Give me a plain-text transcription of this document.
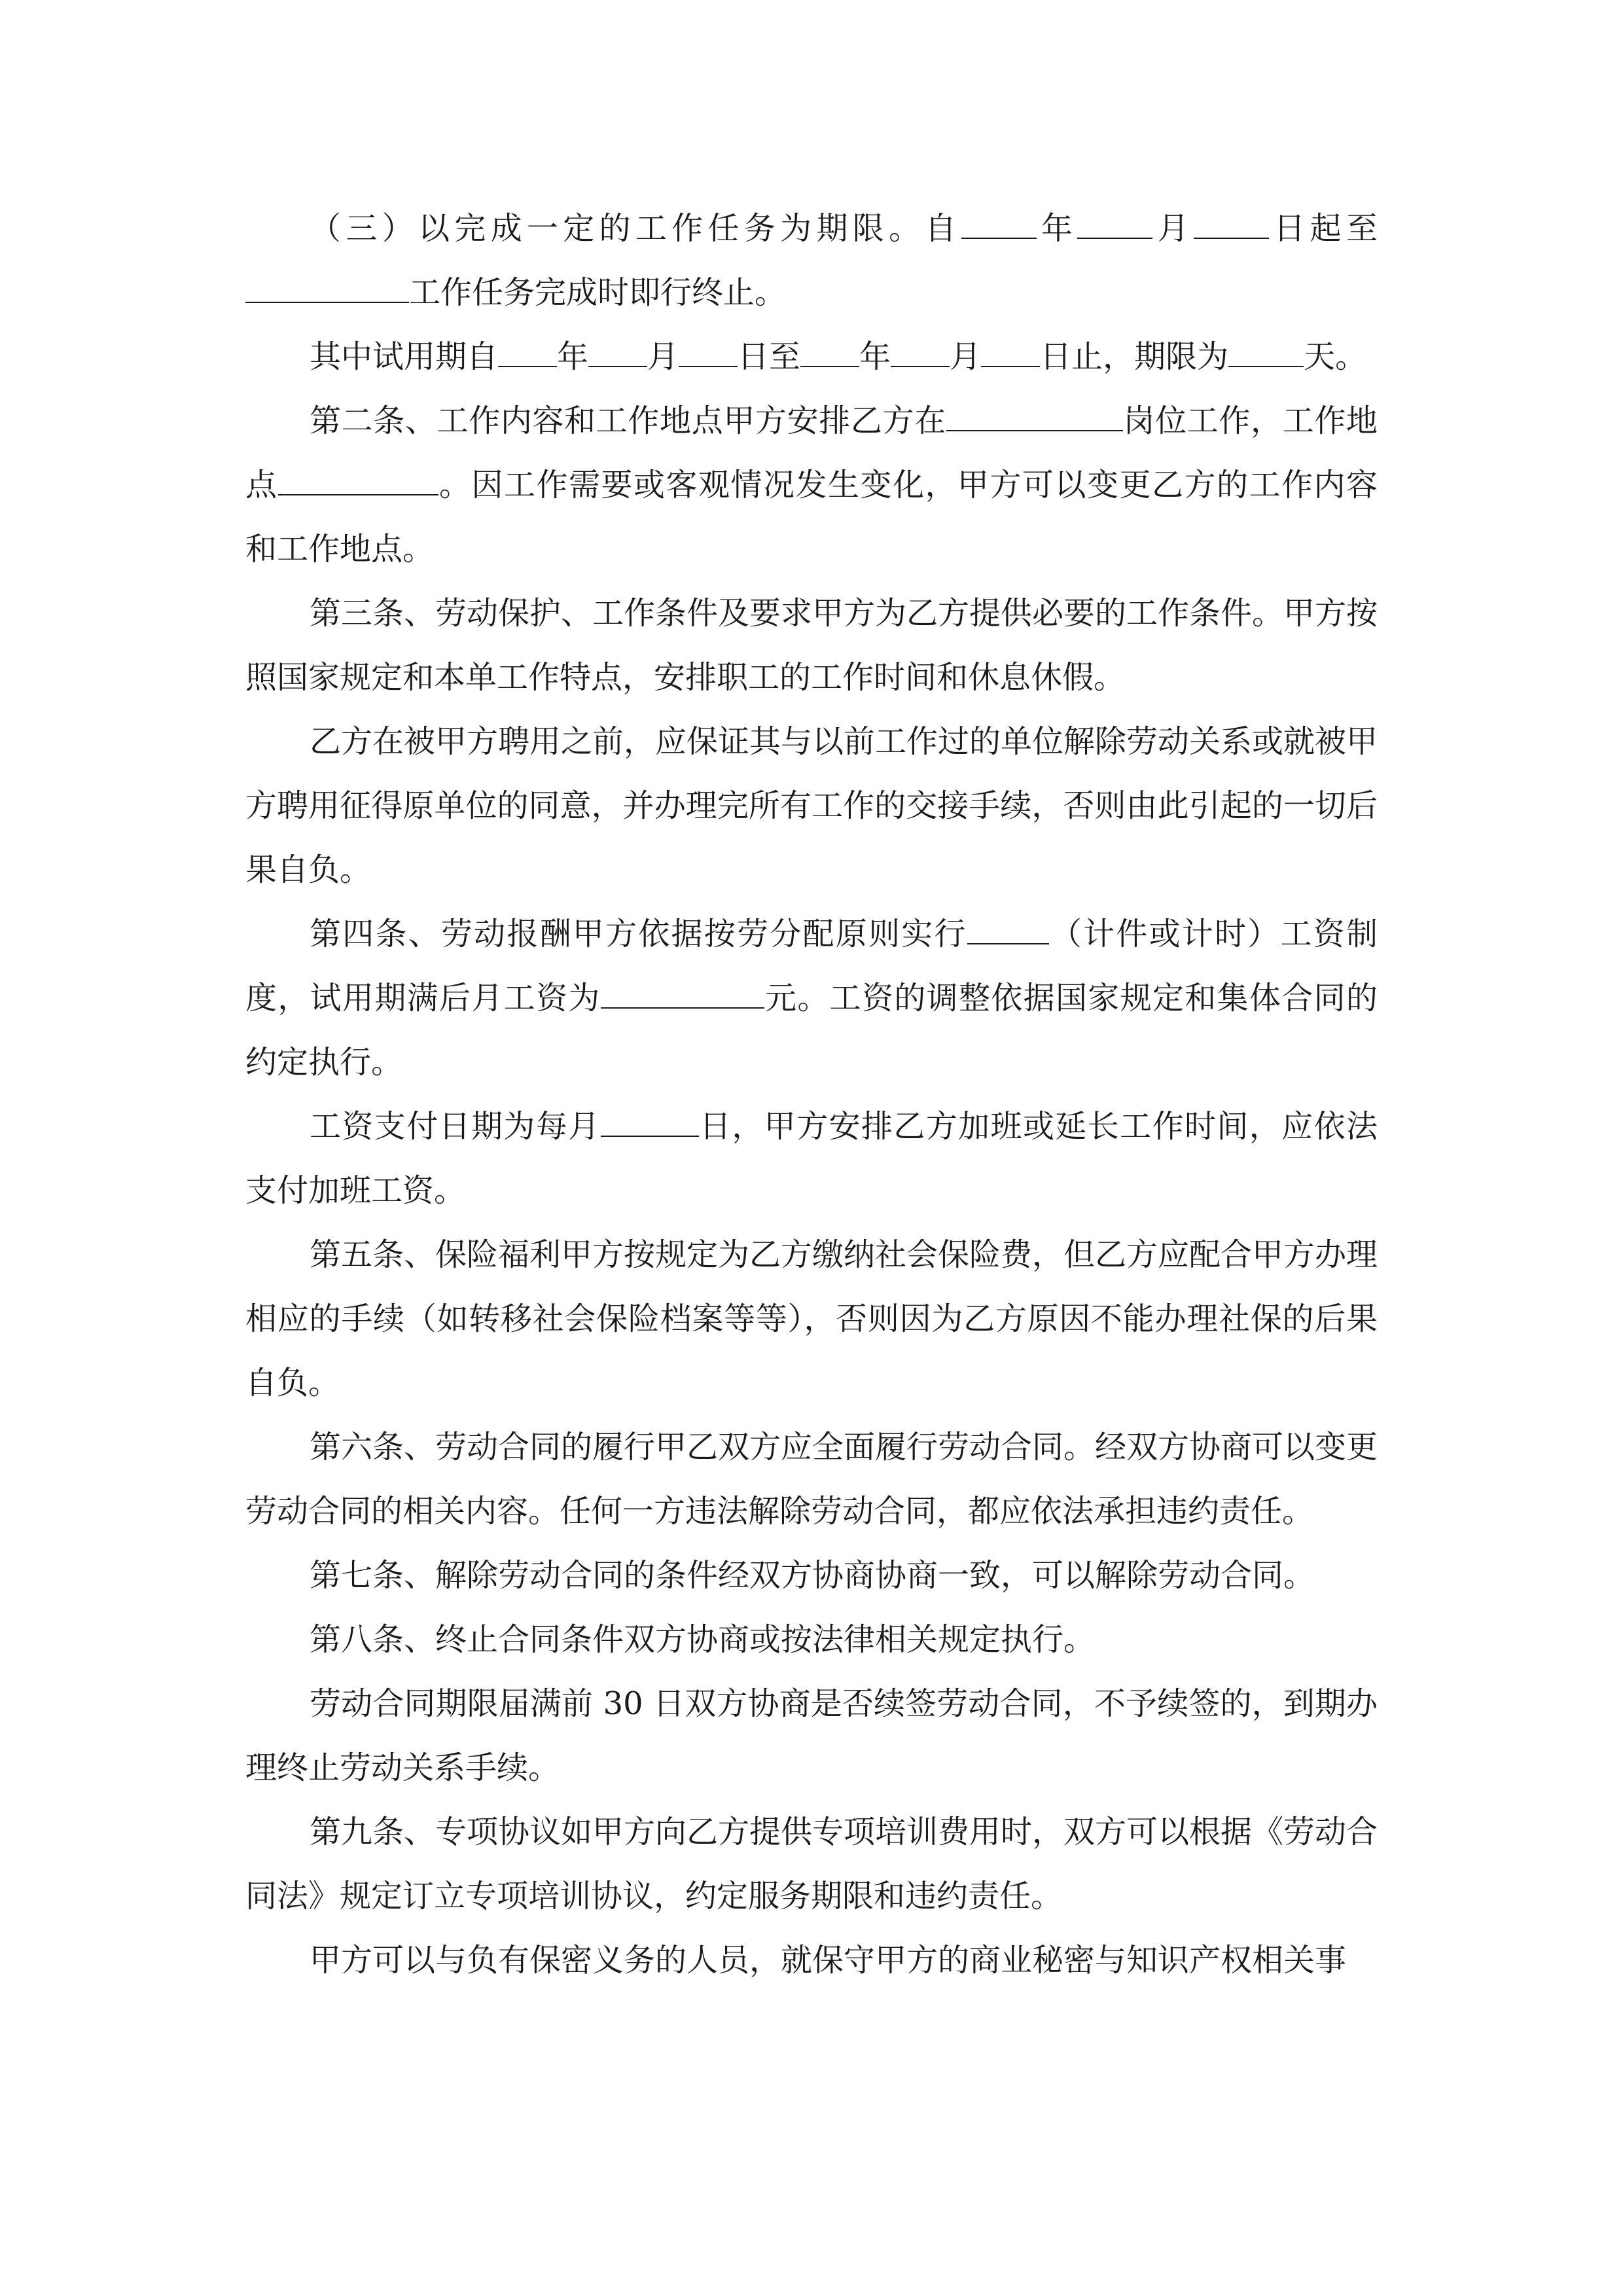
（三）以完成一定的工作任务为期限。自 年 月 日起至工作任务完成时即行终止。

其中试用期自 年 月 日至 年 月 日止，期限为 天。

第二条、工作内容和工作地点甲方安排乙方在	岗位工作，工作地点	。因工作需要或客观情况发生变化，甲方可以变更乙方的工作内容和工作地点。

第三条、劳动保护、工作条件及要求甲方为乙方提供必要的工作条件。甲方按照国家规定和本单工作特点，安排职工的工作时间和休息休假。

乙方在被甲方聘用之前，应保证其与以前工作过的单位解除劳动关系或就被甲方聘用征得原单位的同意，并办理完所有工作的交接手续，否则由此引起的一切后果自负。

第四条、劳动报酬甲方依据按劳分配原则实行	（计件或计时）工资制度，试用期满后月工资为	元。工资的调整依据国家规定和集体合同的约定执行。

工资支付日期为每月	日，甲方安排乙方加班或延长工作时间，应依法支付加班工资。

第五条、保险福利甲方按规定为乙方缴纳社会保险费，但乙方应配合甲方办理相应的手续（如转移社会保险档案等等），否则因为乙方原因不能办理社保的后果自负。

第六条、劳动合同的履行甲乙双方应全面履行劳动合同。经双方协商可以变更劳动合同的相关内容。任何一方违法解除劳动合同，都应依法承担违约责任。

第七条、解除劳动合同的条件经双方协商协商一致，可以解除劳动合同。

第八条、终止合同条件双方协商或按法律相关规定执行。

劳动合同期限届满前 30 日双方协商是否续签劳动合同，不予续签的，到期办理终止劳动关系手续。

第九条、专项协议如甲方向乙方提供专项培训费用时，双方可以根据《劳动合同法》规定订立专项培训协议，约定服务期限和违约责任。

甲方可以与负有保密义务的人员，就保守甲方的商业秘密与知识产权相关事
